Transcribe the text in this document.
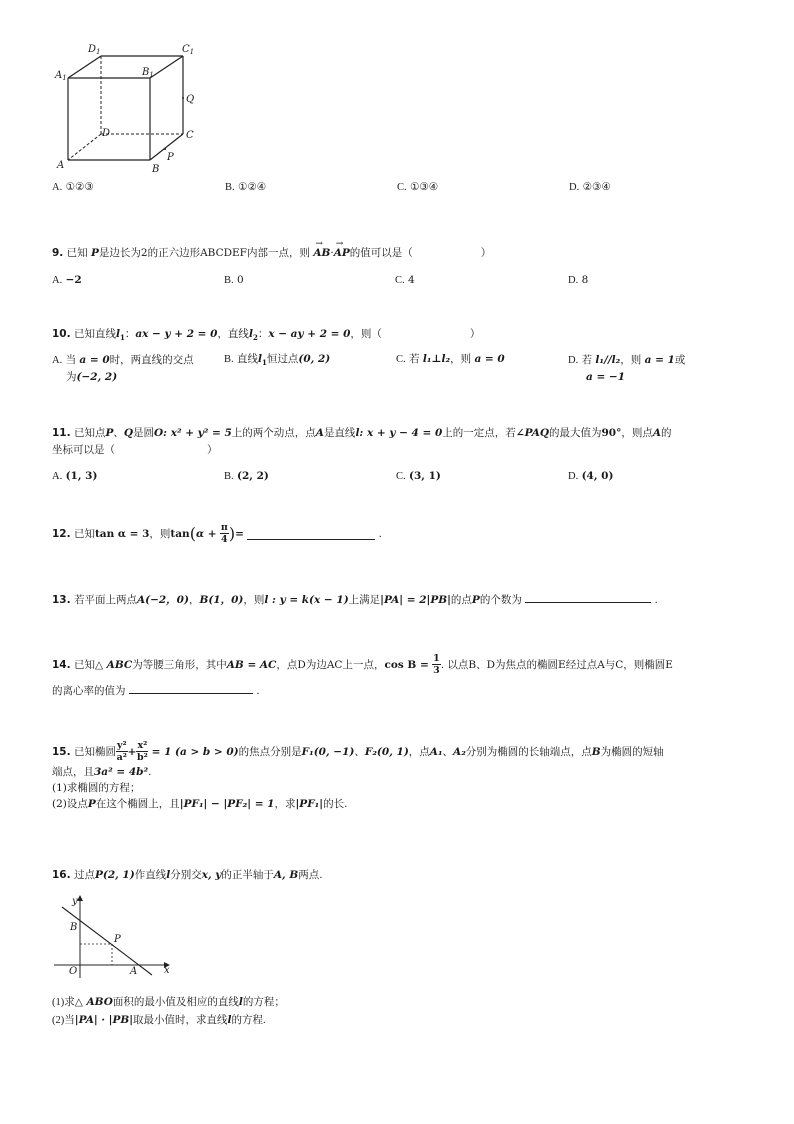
$D_1$	$C_1$
$A_1$	$B_1$
Q
D	C
A
P
B
A. ①②③	B. ①②④	C. ①③④	D. ②③④
9. 已知 P是边长为2的正六边形ABCDEF内部一点，则
→
AB·
→
AP的值可以是（	）
A. −2	B. 0	C. 4	D. 8
10. 已知直线$l_1$：ax − y + 2 = 0，直线$l_2$：x − ay + 2 = 0，则（	）
A. 当 a = 0时，两直线的交点
为(−2, 2)
B. 直线$l_1$恒过点(0, 2)	C. 若 l₁⊥l₂，则 a = 0	D. 若 l₁//l₂，则 a = 1或
a = −1
11. 已知点P、Q是圆O: x² + y² = 5上的两个动点，点A是直线l: x + y − 4 = 0上的一定点，若∠PAQ的最大值为90°，则点A的
坐标可以是（	）
A. (1, 3)	B. (2, 2)	C. (3, 1)	D. (4, 0)
12.
已知 tan α = 3 ，则 tan ( α +
$\frac{\pi}{4}$ ) =

	.
13. 若平面上两点A(−2，0)，B(1，0)，则l : y = k(x − 1)上满足|PA| = 2|PB|的点P的个数为	.
14.
已知 △ ABC 为等腰三角形，其中 AB = AC ，点D为边AC上一点， cos B =
$\frac{1}{3}$ . 以点B、D为焦点的椭圆E经过点A与C，则椭圆E
的离心率的值为	.
15.
已知椭圆 $\frac{\text{y²}}{\text{a²}} + \frac{\text{x²}}{\text{b²}}$
= 1 (a > b > 0) 的焦点分别是 F₁(0, −1) 、 F₂(0, 1) ，点 A₁ 、 A₂ 分别为椭圆的长轴端点，点 B 为椭圆的短轴
端点，且3a² = 4b².
(1)求椭圆的方程；
(2)设点P在这个椭圆上，且|PF₁| − |PF₂| = 1，求|PF₁|的长.
16. 过点P(2, 1)作直线l分别交x, y的正半轴于A, B两点.
y
B
P
O	A	x
(1)求△ ABO面积的最小值及相应的直线l的方程；
(2)当|PA| · |PB|取最小值时，求直线l的方程.
